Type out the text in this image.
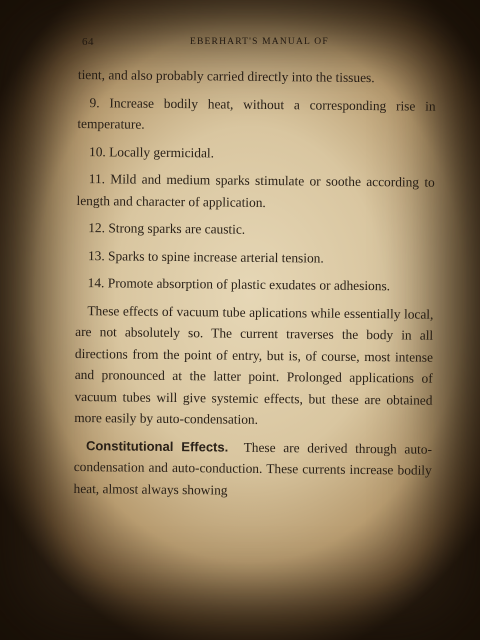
64	EBERHART'S MANUAL OF

tient, and also probably carried directly into the tissues.

9. Increase bodily heat, without a corresponding rise in temperature.

10. Locally germicidal.

11. Mild and medium sparks stimulate or soothe according to length and character of application.

12. Strong sparks are caustic.

13. Sparks to spine increase arterial tension.

14. Promote absorption of plastic exudates or adhesions.

These effects of vacuum tube aplications while essentially local, are not absolutely so. The current traverses the body in all directions from the point of entry, but is, of course, most intense and pronounced at the latter point. Prolonged applications of vacuum tubes will give systemic effects, but these are obtained more easily by auto-condensation.

Constitutional Effects. These are derived through auto-condensation and auto-conduction. These currents increase bodily heat, almost always showing
